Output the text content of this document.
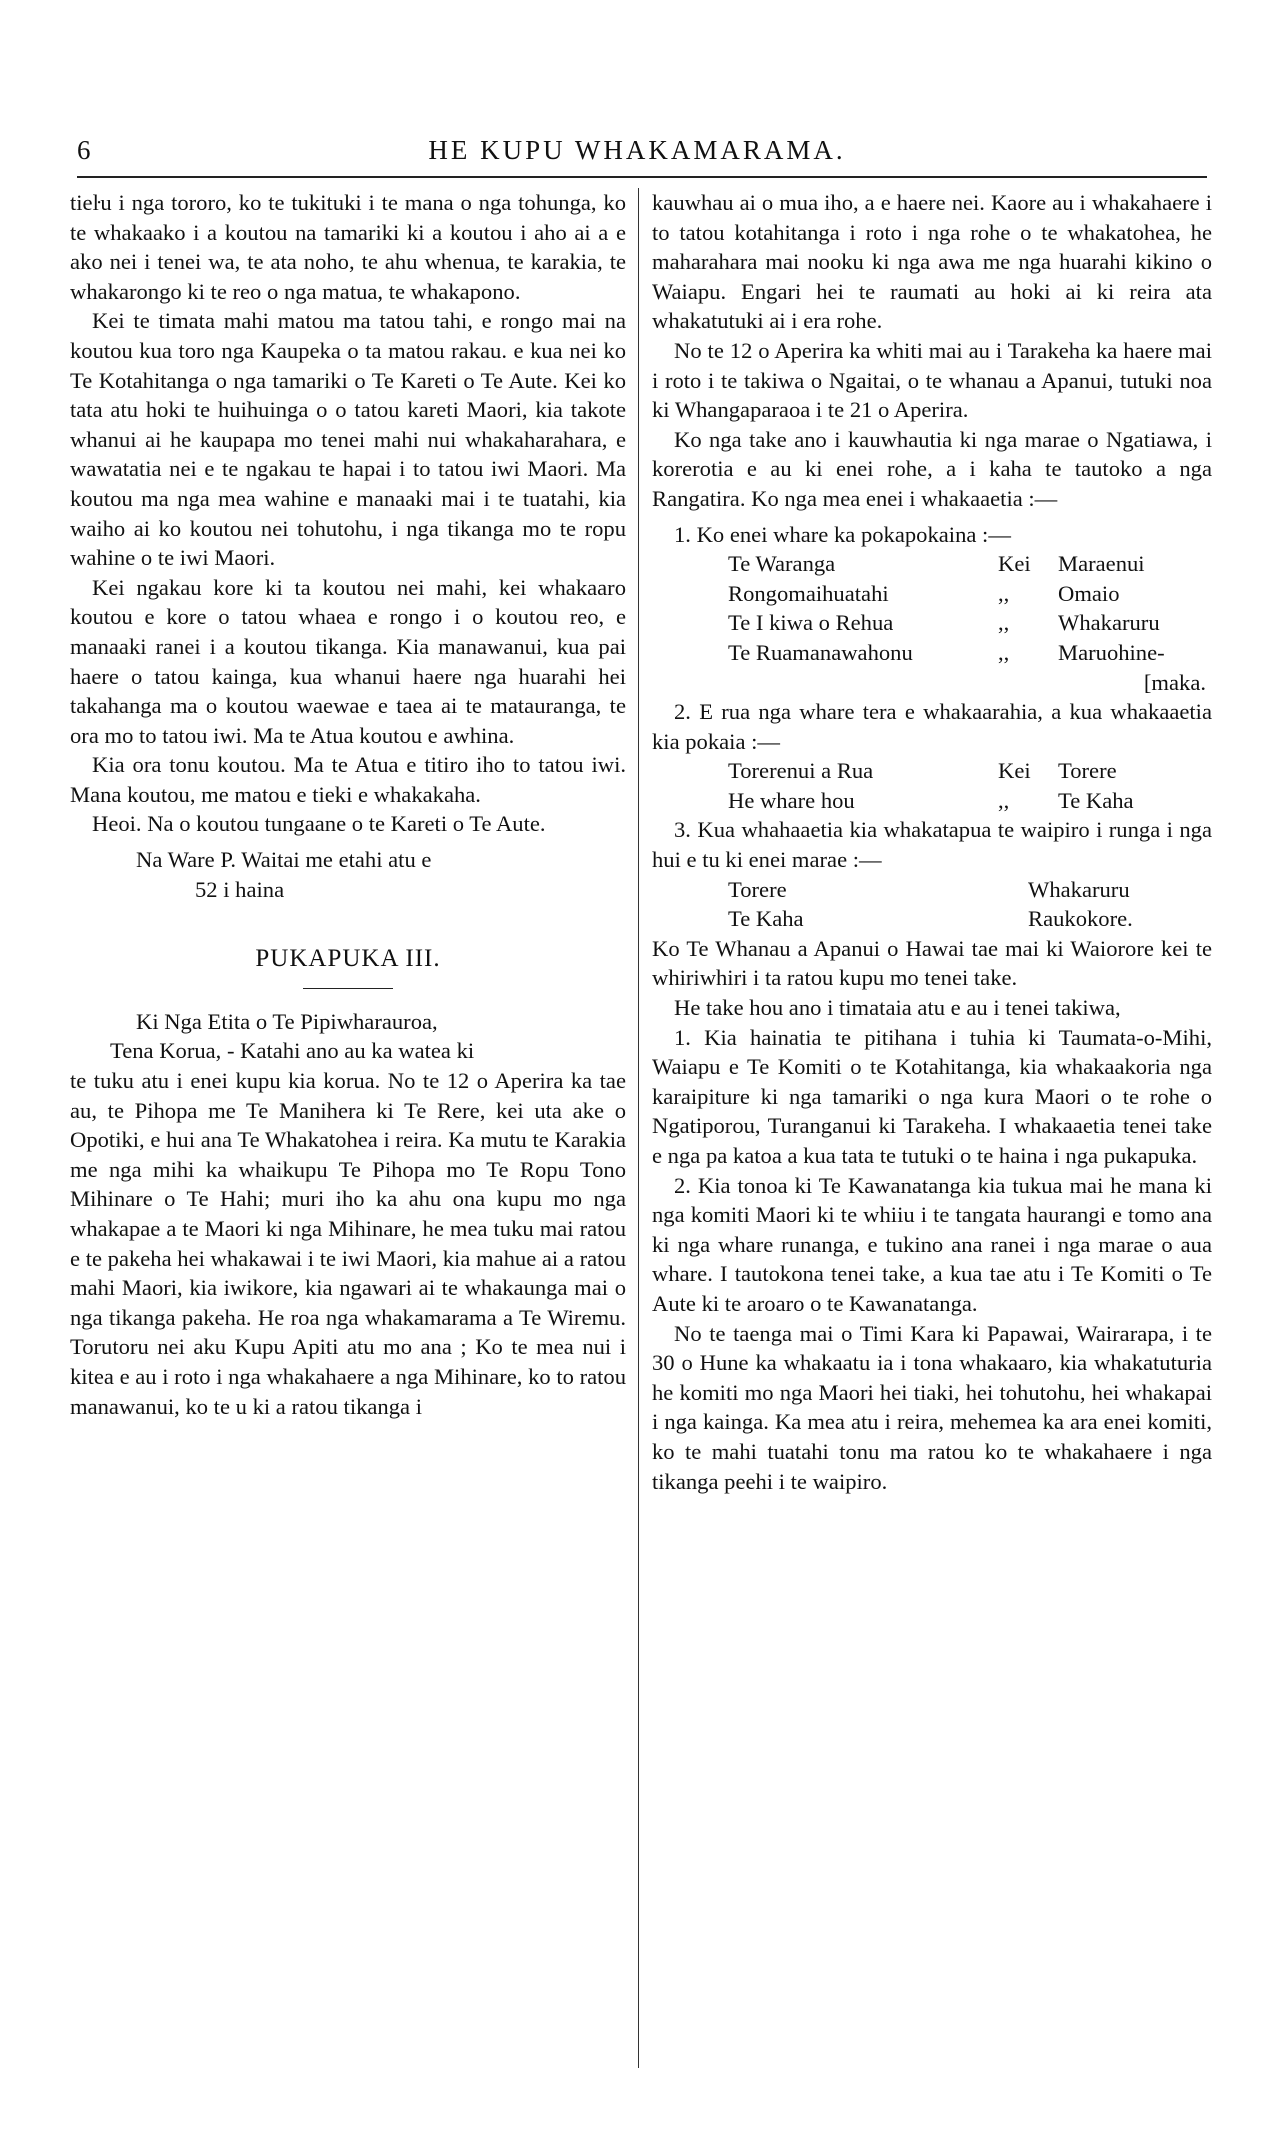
6	HE KUPU WHAKAMARAMA.

tieŀu i nga tororo, ko te tukituki i te mana o nga tohunga, ko te whakaako i a koutou na tamariki ki a koutou i aho ai a e ako nei i tenei wa, te ata noho, te ahu whenua, te karakia, te whakarongo ki te reo o nga matua, te whakapono.

Kei te timata mahi matou ma tatou tahi, e rongo mai na koutou kua toro nga Kaupeka o ta matou rakau. e kua nei ko Te Kotahitanga o nga tamariki o Te Kareti o Te Aute. Kei ko tata atu hoki te huihuinga o o tatou kareti Maori, kia takote whanui ai he kaupapa mo tenei mahi nui whakaharahara, e wawatatia nei e te ngakau te hapai i to tatou iwi Maori. Ma koutou ma nga mea wahine e manaaki mai i te tuatahi, kia waiho ai ko koutou nei tohutohu, i nga tikanga mo te ropu wahine o te iwi Maori.

Kei ngakau kore ki ta koutou nei mahi, kei whakaaro koutou e kore o tatou whaea e rongo i o koutou reo, e manaaki ranei i a koutou tikanga. Kia manawanui, kua pai haere o tatou kainga, kua whanui haere nga huarahi hei takahanga ma o koutou waewae e taea ai te matauranga, te ora mo to tatou iwi. Ma te Atua koutou e awhina.

Kia ora tonu koutou. Ma te Atua e titiro iho to tatou iwi. Mana koutou, me matou e tieki e whakakaha.

Heoi. Na o koutou tungaane o te Kareti o Te Aute.

Na Ware P. Waitai me etahi atu e

52 i haina

PUKAPUKA III.

Ki Nga Etita o Te Pipiwharauroa,

Tena Korua, - Katahi ano au ka watea ki

te tuku atu i enei kupu kia korua. No te 12 o Aperira ka tae au, te Pihopa me Te Manihera ki Te Rere, kei uta ake o Opotiki, e hui ana Te Whakatohea i reira. Ka mutu te Karakia me nga mihi ka whaikupu Te Pihopa mo Te Ropu Tono Mihinare o Te Hahi; muri iho ka ahu ona kupu mo nga whakapae a te Maori ki nga Mihinare, he mea tuku mai ratou e te pakeha hei whakawai i te iwi Maori, kia mahue ai a ratou mahi Maori, kia iwikore, kia ngawari ai te whakaunga mai o nga tikanga pakeha. He roa nga whakamarama a Te Wiremu. Torutoru nei aku Kupu Apiti atu mo ana ; Ko te mea nui i kitea e au i roto i nga whakahaere a nga Mihinare, ko to ratou manawanui, ko te u ki a ratou tikanga i

kauwhau ai o mua iho, a e haere nei. Kaore au i whakahaere i to tatou kotahitanga i roto i nga rohe o te whakatohea, he maharahara mai nooku ki nga awa me nga huarahi kikino o Waiapu. Engari hei te raumati au hoki ai ki reira ata whakatutuki ai i era rohe.

No te 12 o Aperira ka whiti mai au i Tarakeha ka haere mai i roto i te takiwa o Ngaitai, o te whanau a Apanui, tutuki noa ki Whangaparaoa i te 21 o Aperira.

Ko nga take ano i kauwhautia ki nga marae o Ngatiawa, i korerotia e au ki enei rohe, a i kaha te tautoko a nga Rangatira. Ko nga mea enei i whakaaetia :—

1. Ko enei whare ka pokapokaina :—

Te Waranga	Kei	Maraenui
Rongomaihuatahi	,,	Omaio
Te I kiwa o Rehua	,,	Whakaruru
Te Ruamanawahonu	,,	Maruohine-

[maka.

2. E rua nga whare tera e whakaarahia, a kua whakaaetia kia pokaia :—

Torerenui a Rua	Kei	Torere
He whare hou	,,	Te Kaha

3. Kua whahaaetia kia whakatapua te waipiro i runga i nga hui e tu ki enei marae :—

Torere	Whakaruru
Te Kaha	Raukokore.

Ko Te Whanau a Apanui o Hawai tae mai ki Waiorore kei te whiriwhiri i ta ratou kupu mo tenei take.

He take hou ano i timataia atu e au i tenei takiwa,

1. Kia hainatia te pitihana i tuhia ki Taumata-o-Mihi, Waiapu e Te Komiti o te Kotahitanga, kia whakaakoria nga karaipiture ki nga tamariki o nga kura Maori o te rohe o Ngatiporou, Turanganui ki Tarakeha. I whakaaetia tenei take e nga pa katoa a kua tata te tutuki o te haina i nga pukapuka.

2. Kia tonoa ki Te Kawanatanga kia tukua mai he mana ki nga komiti Maori ki te whiiu i te tangata haurangi e tomo ana ki nga whare runanga, e tukino ana ranei i nga marae o aua whare. I tautokona tenei take, a kua tae atu i Te Komiti o Te Aute ki te aroaro o te Kawanatanga.

No te taenga mai o Timi Kara ki Papawai, Wairarapa, i te 30 o Hune ka whakaatu ia i tona whakaaro, kia whakatuturia he komiti mo nga Maori hei tiaki, hei tohutohu, hei whakapai i nga kainga. Ka mea atu i reira, mehemea ka ara enei komiti, ko te mahi tuatahi tonu ma ratou ko te whakahaere i nga tikanga peehi i te waipiro.
